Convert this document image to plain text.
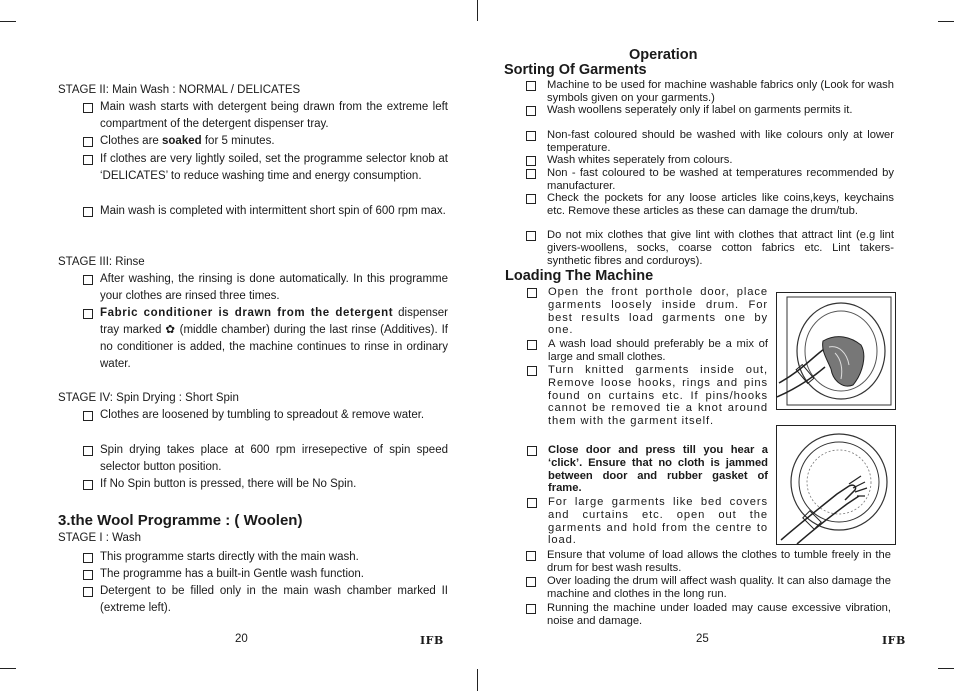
STAGE II: Main Wash : NORMAL / DELICATES
Main wash starts with detergent being drawn from the extreme left compartment of the detergent dispenser tray.
Clothes are soaked for 5 minutes.
If clothes are very lightly soiled, set the programme selector knob at ‘DELICATES’ to reduce washing time and energy consumption.
Main wash is completed with intermittent short spin of 600 rpm max.
STAGE III: Rinse
After washing, the rinsing is done automatically. In this programme your clothes are rinsed three times.
Fabric conditioner is drawn from the detergent dispenser tray marked ✿ (middle chamber) during the last rinse (Additives). If no conditioner is added, the machine continues to rinse in ordinary water.
STAGE IV: Spin Drying : Short Spin
Clothes are loosened by tumbling to spreadout & remove water.
Spin drying takes place at 600 rpm irresepective of spin speed selector button position.
If No Spin button is pressed, there will be No Spin.
3.the Wool Programme : ( Woolen)
STAGE I : Wash
This programme starts directly with the main wash.
The programme has a built-in Gentle wash function.
Detergent to be filled only in the main wash chamber marked II (extreme left).
20	IFB
Operation
Sorting Of Garments
Machine to be used for machine washable fabrics only (Look for wash symbols given on your garments.)
Wash woollens seperately only if label on garments permits it.
Non-fast coloured should be washed with like colours only at lower temperature.
Wash whites seperately from colours.
Non - fast coloured to be washed at temperatures recommended by manufacturer.
Check the pockets for any loose articles like coins,keys, keychains etc. Remove these articles as these can damage the drum/tub.
Do not mix clothes that give lint with clothes that attract lint (e.g lint givers-woollens, socks, coarse cotton fabrics etc. Lint takers- synthetic fibres and corduroys).
Loading The Machine
Open the front porthole door, place garments loosely inside drum. For best results load garments one by one.
A wash load should preferably be a mix of large and small clothes.
Turn knitted garments inside out, Remove loose hooks, rings and pins found on curtains etc. If pins/hooks cannot be removed tie a knot around them with the garment itself.
Close door and press till you hear a ‘click’. Ensure that no cloth is jammed between door and rubber gasket of frame.
For large garments like bed covers and curtains etc. open out the garments and hold from the centre to load.
Ensure that volume of load allows the clothes to tumble freely in the drum for best wash results.
Over loading the drum will affect wash quality. It can also damage the machine and clothes in the long run.
Running the machine under loaded may cause excessive vibration, noise and damage.
25	IFB
